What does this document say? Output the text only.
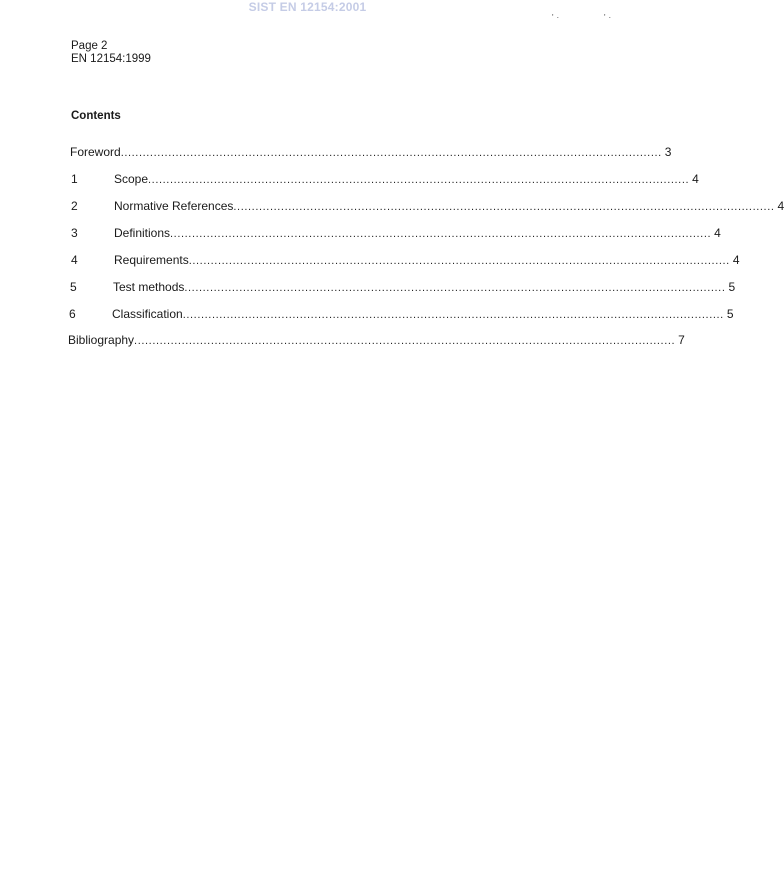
SIST EN 12154:2001
'·        '·
Page 2
EN 12154:1999
Contents
Foreword .................................................................................................................................................... 3
1	Scope .................................................................................................................................................... 4
2	Normative References .................................................................................................................................................... 4
3	Definitions .................................................................................................................................................... 4
4	Requirements .................................................................................................................................................... 4
5	Test methods .................................................................................................................................................... 5
6	Classification .................................................................................................................................................... 5
Bibliography .................................................................................................................................................... 7
